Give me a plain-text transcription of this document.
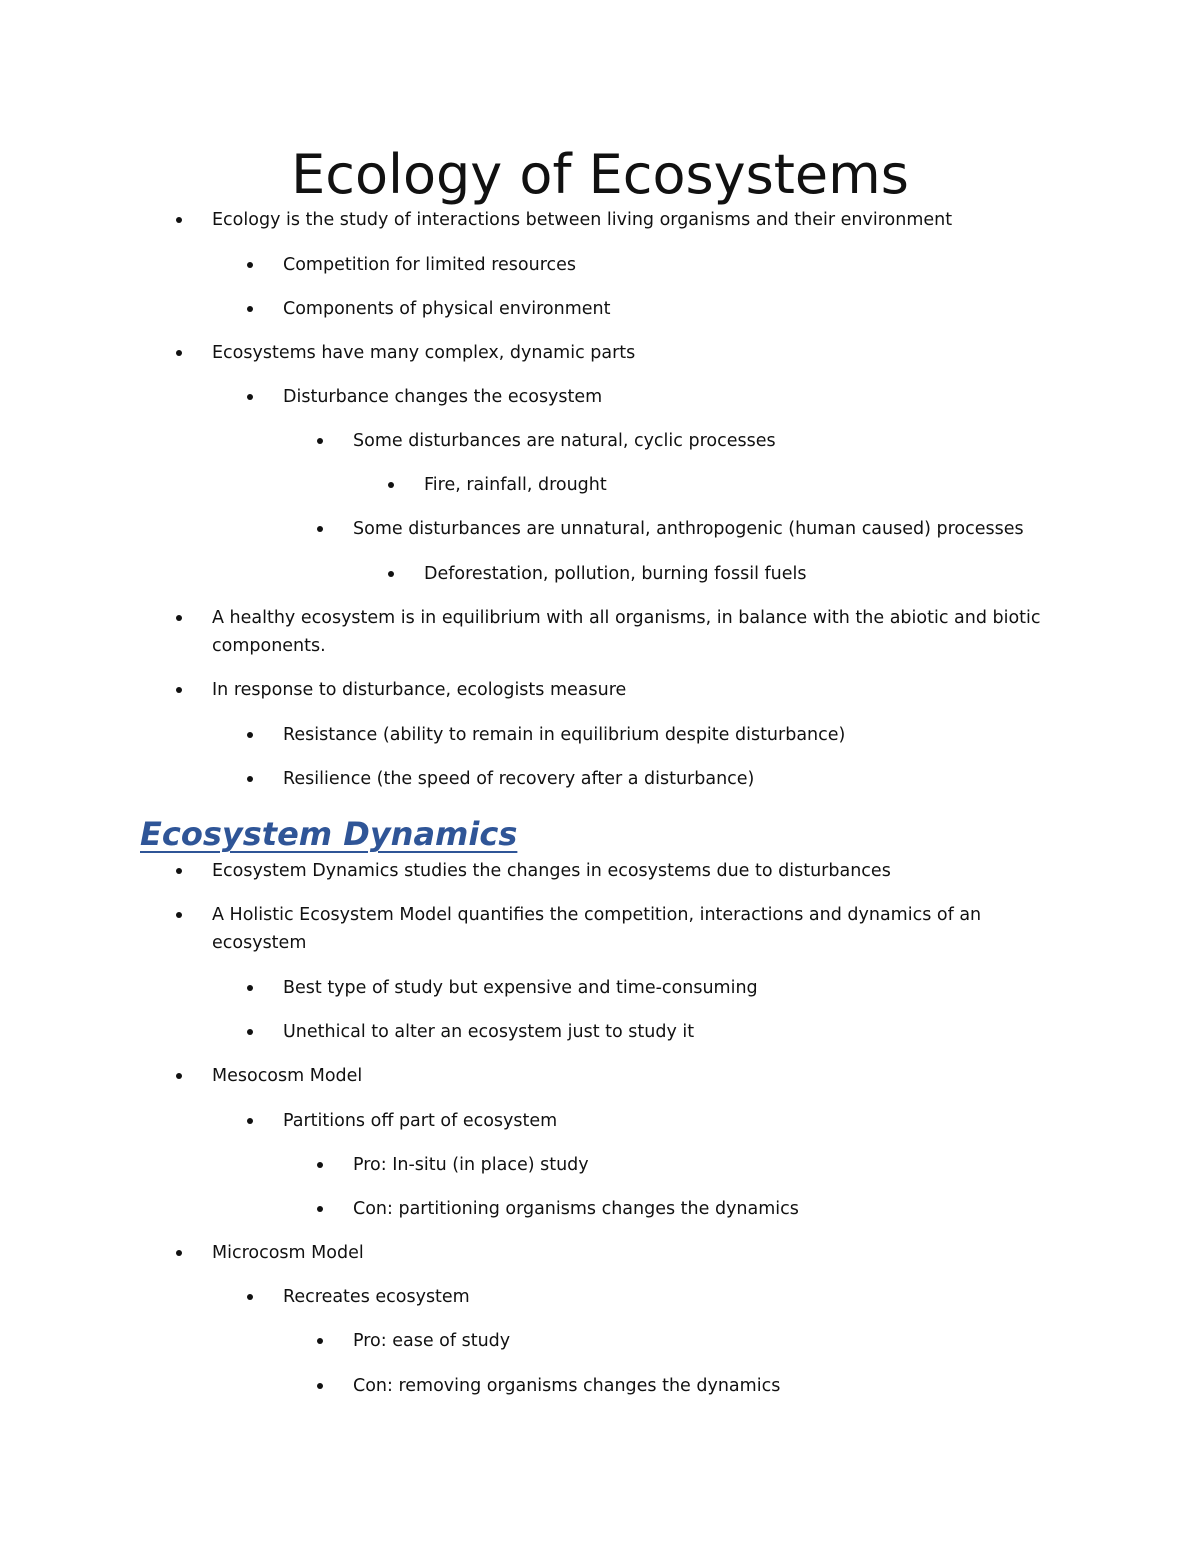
Ecology of Ecosystems
Ecology is the study of interactions between living organisms and their environment
Competition for limited resources
Components of physical environment
Ecosystems have many complex, dynamic parts
Disturbance changes the ecosystem
Some disturbances are natural, cyclic processes
Fire, rainfall, drought
Some disturbances are unnatural, anthropogenic (human caused) processes
Deforestation, pollution, burning fossil fuels
A healthy ecosystem is in equilibrium with all organisms, in balance with the abiotic and biotic
components.
In response to disturbance, ecologists measure
Resistance (ability to remain in equilibrium despite disturbance)
Resilience (the speed of recovery after a disturbance)
Ecosystem Dynamics
Ecosystem Dynamics studies the changes in ecosystems due to disturbances
A Holistic Ecosystem Model quantifies the competition, interactions and dynamics of an
ecosystem
Best type of study but expensive and time-consuming
Unethical to alter an ecosystem just to study it
Mesocosm Model
Partitions off part of ecosystem
Pro: In-situ (in place) study
Con: partitioning organisms changes the dynamics
Microcosm Model
Recreates ecosystem
Pro: ease of study
Con: removing organisms changes the dynamics
